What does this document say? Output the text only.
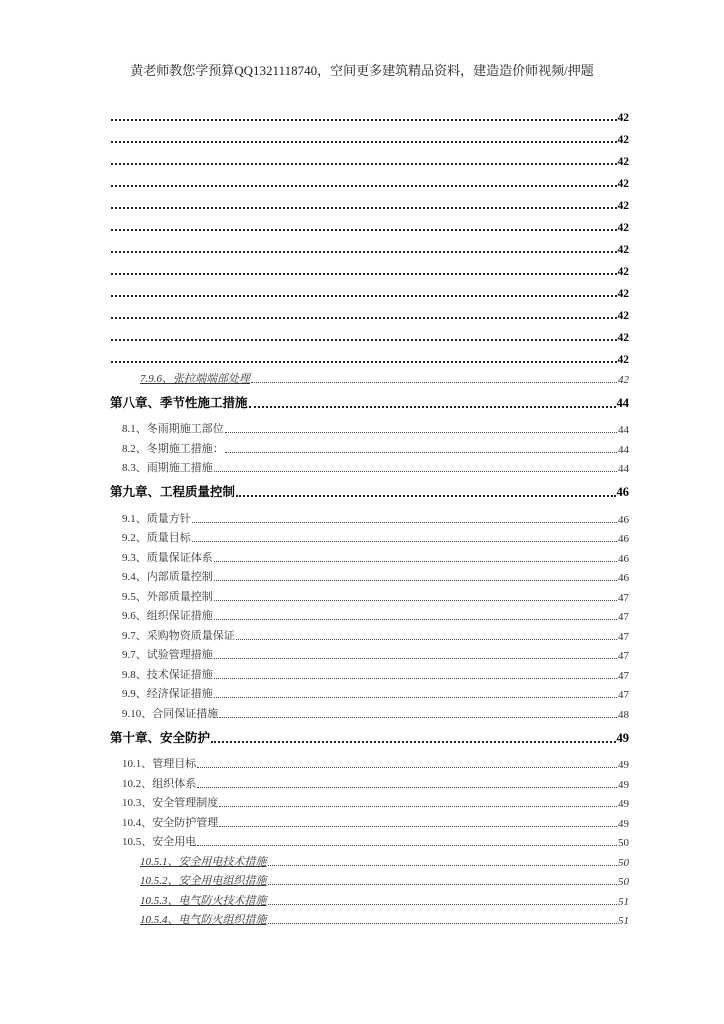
黄老师教您学预算QQ1321118740，空间更多建筑精品资料，建造造价师视频/押题
42
42
42
42
42
42
42
42
42
42
42
42
7.9.6、张拉端端部处理	42
第八章、季节性施工措施	44
8.1、冬雨期施工部位	44
8.2、冬期施工措施：	44
8.3、雨期施工措施	44
第九章、工程质量控制	46
9.1、质量方针	46
9.2、质量目标	46
9.3、质量保证体系	46
9.4、内部质量控制	46
9.5、外部质量控制	47
9.6、组织保证措施	47
9.7、采购物资质量保证	47
9.7、试验管理措施	47
9.8、技术保证措施	47
9.9、经济保证措施	47
9.10、合同保证措施	48
第十章、安全防护	49
10.1、管理目标	49
10.2、组织体系	49
10.3、安全管理制度	49
10.4、安全防护管理	49
10.5、安全用电	50
10.5.1、安全用电技术措施	50
10.5.2、安全用电组织措施	50
10.5.3、电气防火技术措施	51
10.5.4、电气防火组织措施	51
